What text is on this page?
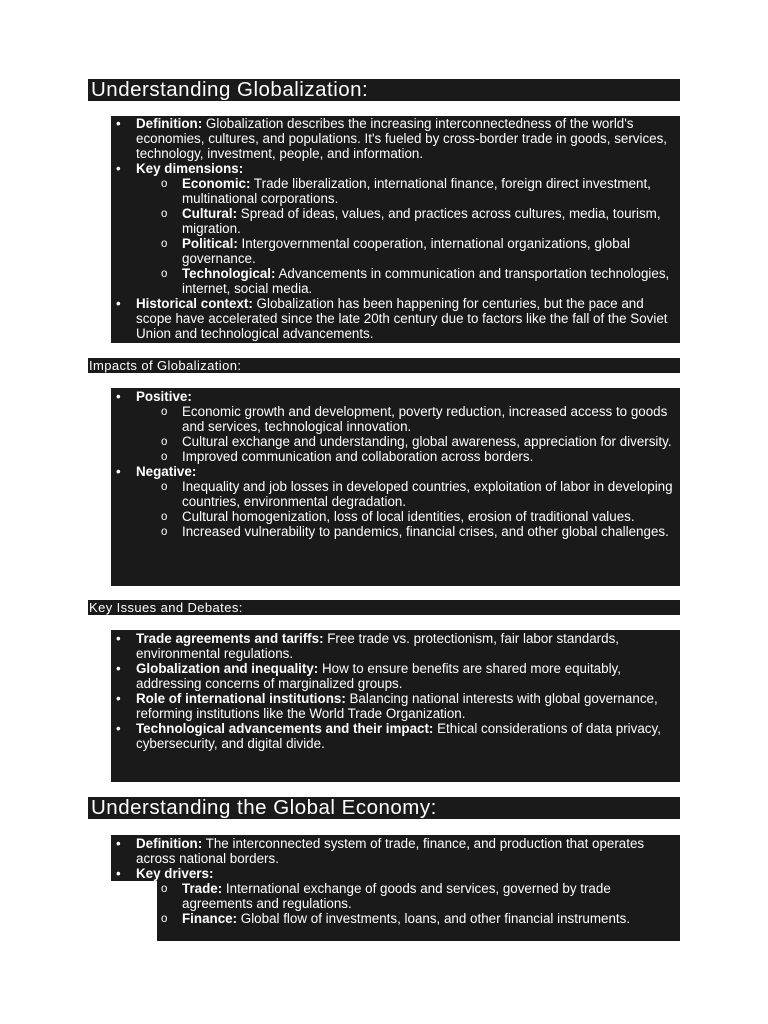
Understanding Globalization:
• Definition: Globalization describes the increasing interconnectedness of the world's economies, cultures, and populations. It's fueled by cross-border trade in goods, services, technology, investment, people, and information.
• Key dimensions:
o Economic: Trade liberalization, international finance, foreign direct investment, multinational corporations.
o Cultural: Spread of ideas, values, and practices across cultures, media, tourism, migration.
o Political: Intergovernmental cooperation, international organizations, global governance.
o Technological: Advancements in communication and transportation technologies, internet, social media.
• Historical context: Globalization has been happening for centuries, but the pace and scope have accelerated since the late 20th century due to factors like the fall of the Soviet Union and technological advancements.
Impacts of Globalization:
• Positive:
o Economic growth and development, poverty reduction, increased access to goods and services, technological innovation.
o Cultural exchange and understanding, global awareness, appreciation for diversity.
o Improved communication and collaboration across borders.
• Negative:
o Inequality and job losses in developed countries, exploitation of labor in developing countries, environmental degradation.
o Cultural homogenization, loss of local identities, erosion of traditional values.
o Increased vulnerability to pandemics, financial crises, and other global challenges.
Key Issues and Debates:
• Trade agreements and tariffs: Free trade vs. protectionism, fair labor standards, environmental regulations.
• Globalization and inequality: How to ensure benefits are shared more equitably, addressing concerns of marginalized groups.
• Role of international institutions: Balancing national interests with global governance, reforming institutions like the World Trade Organization.
• Technological advancements and their impact: Ethical considerations of data privacy, cybersecurity, and digital divide.
Understanding the Global Economy:
• Definition: The interconnected system of trade, finance, and production that operates across national borders.
• Key drivers:
o Trade: International exchange of goods and services, governed by trade agreements and regulations.
o Finance: Global flow of investments, loans, and other financial instruments.
